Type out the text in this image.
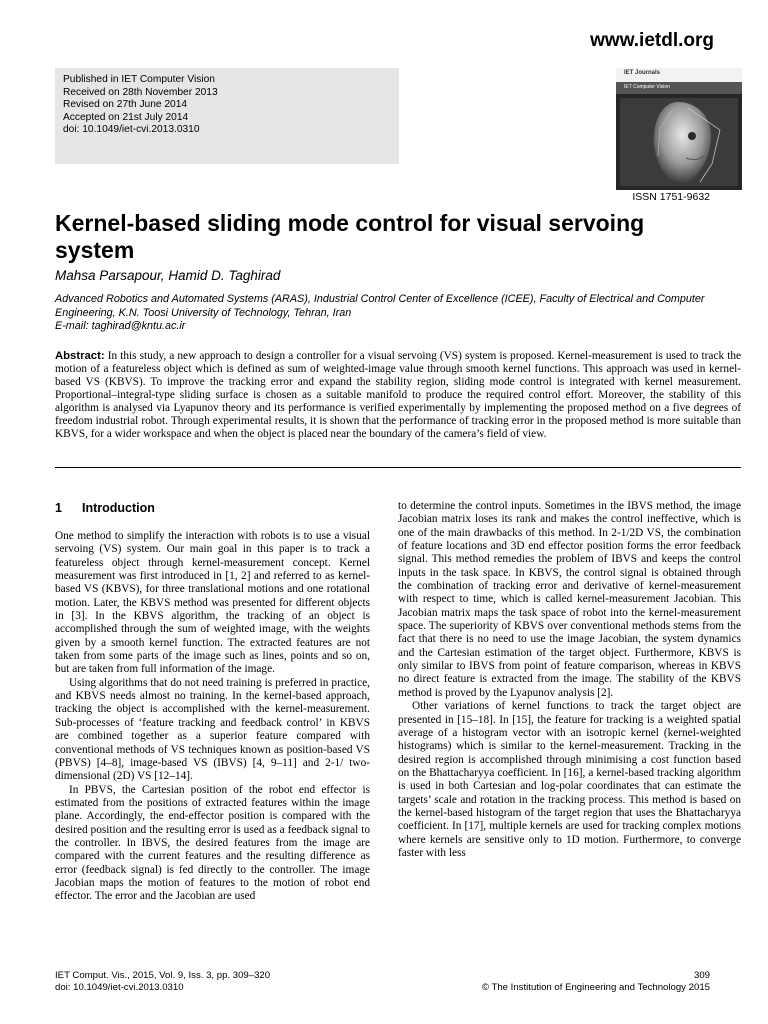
www.ietdl.org
Published in IET Computer Vision
Received on 28th November 2013
Revised on 27th June 2014
Accepted on 21st July 2014
doi: 10.1049/iet-cvi.2013.0310
IET Journals
IET Computer Vision
ISSN 1751-9632
Kernel-based sliding mode control for visual servoing system
Mahsa Parsapour, Hamid D. Taghirad
Advanced Robotics and Automated Systems (ARAS), Industrial Control Center of Excellence (ICEE), Faculty of Electrical and Computer Engineering, K.N. Toosi University of Technology, Tehran, Iran
E-mail: taghirad@kntu.ac.ir
Abstract: In this study, a new approach to design a controller for a visual servoing (VS) system is proposed. Kernel-measurement is used to track the motion of a featureless object which is defined as sum of weighted-image value through smooth kernel functions. This approach was used in kernel-based VS (KBVS). To improve the tracking error and expand the stability region, sliding mode control is integrated with kernel measurement. Proportional–integral-type sliding surface is chosen as a suitable manifold to produce the required control effort. Moreover, the stability of this algorithm is analysed via Lyapunov theory and its performance is verified experimentally by implementing the proposed method on a five degrees of freedom industrial robot. Through experimental results, it is shown that the performance of tracking error in the proposed method is more suitable than KBVS, for a wider workspace and when the object is placed near the boundary of the camera’s field of view.
1 Introduction

One method to simplify the interaction with robots is to use a visual servoing (VS) system. Our main goal in this paper is to track a featureless object through kernel-measurement concept. Kernel measurement was first introduced in [1, 2] and referred to as kernel-based VS (KBVS), for three translational motions and one rotational motion. Later, the KBVS method was presented for different objects in [3]. In the KBVS algorithm, the tracking of an object is accomplished through the sum of weighted image, with the weights given by a smooth kernel function. The extracted features are not taken from some parts of the image such as lines, points and so on, but are taken from full information of the image.

Using algorithms that do not need training is preferred in practice, and KBVS needs almost no training. In the kernel-based approach, tracking the object is accomplished with the kernel-measurement. Sub-processes of ‘feature tracking and feedback control’ in KBVS are combined together as a superior feature compared with conventional methods of VS techniques known as position-based VS (PBVS) [4–8], image-based VS (IBVS) [4, 9–11] and 2-1/ two-dimensional (2D) VS [12–14].

In PBVS, the Cartesian position of the robot end effector is estimated from the positions of extracted features within the image plane. Accordingly, the end-effector position is compared with the desired position and the resulting error is used as a feedback signal to the controller. In IBVS, the desired features from the image are compared with the current features and the resulting difference as error (feedback signal) is fed directly to the controller. The image Jacobian maps the motion of features to the motion of robot end effector. The error and the Jacobian are used

to determine the control inputs. Sometimes in the IBVS method, the image Jacobian matrix loses its rank and makes the control ineffective, which is one of the main drawbacks of this method. In 2-1/2D VS, the combination of feature locations and 3D end effector position forms the error feedback signal. This method remedies the problem of IBVS and keeps the control inputs in the task space. In KBVS, the control signal is obtained through the combination of tracking error and derivative of kernel-measurement with respect to time, which is called kernel-measurement Jacobian. This Jacobian matrix maps the task space of robot into the kernel-measurement space. The superiority of KBVS over conventional methods stems from the fact that there is no need to use the image Jacobian, the system dynamics and the Cartesian estimation of the target object. Furthermore, KBVS is only similar to IBVS from point of feature comparison, whereas in KBVS no direct feature is extracted from the image. The stability of the KBVS method is proved by the Lyapunov analysis [2].

Other variations of kernel functions to track the target object are presented in [15–18]. In [15], the feature for tracking is a weighted spatial average of a histogram vector with an isotropic kernel (kernel-weighted histograms) which is similar to the kernel-measurement. Tracking in the desired region is accomplished through minimising a cost function based on the Bhattacharyya coefficient. In [16], a kernel-based tracking algorithm is used in both Cartesian and log-polar coordinates that can estimate the targets’ scale and rotation in the tracking process. This method is based on the kernel-based histogram of the target region that uses the Bhattacharyya coefficient. In [17], multiple kernels are used for tracking complex motions where kernels are sensitive only to 1D motion. Furthermore, to converge faster with less

IET Comput. Vis., 2015, Vol. 9, Iss. 3, pp. 309–320
doi: 10.1049/iet-cvi.2013.0310
309
© The Institution of Engineering and Technology 2015
